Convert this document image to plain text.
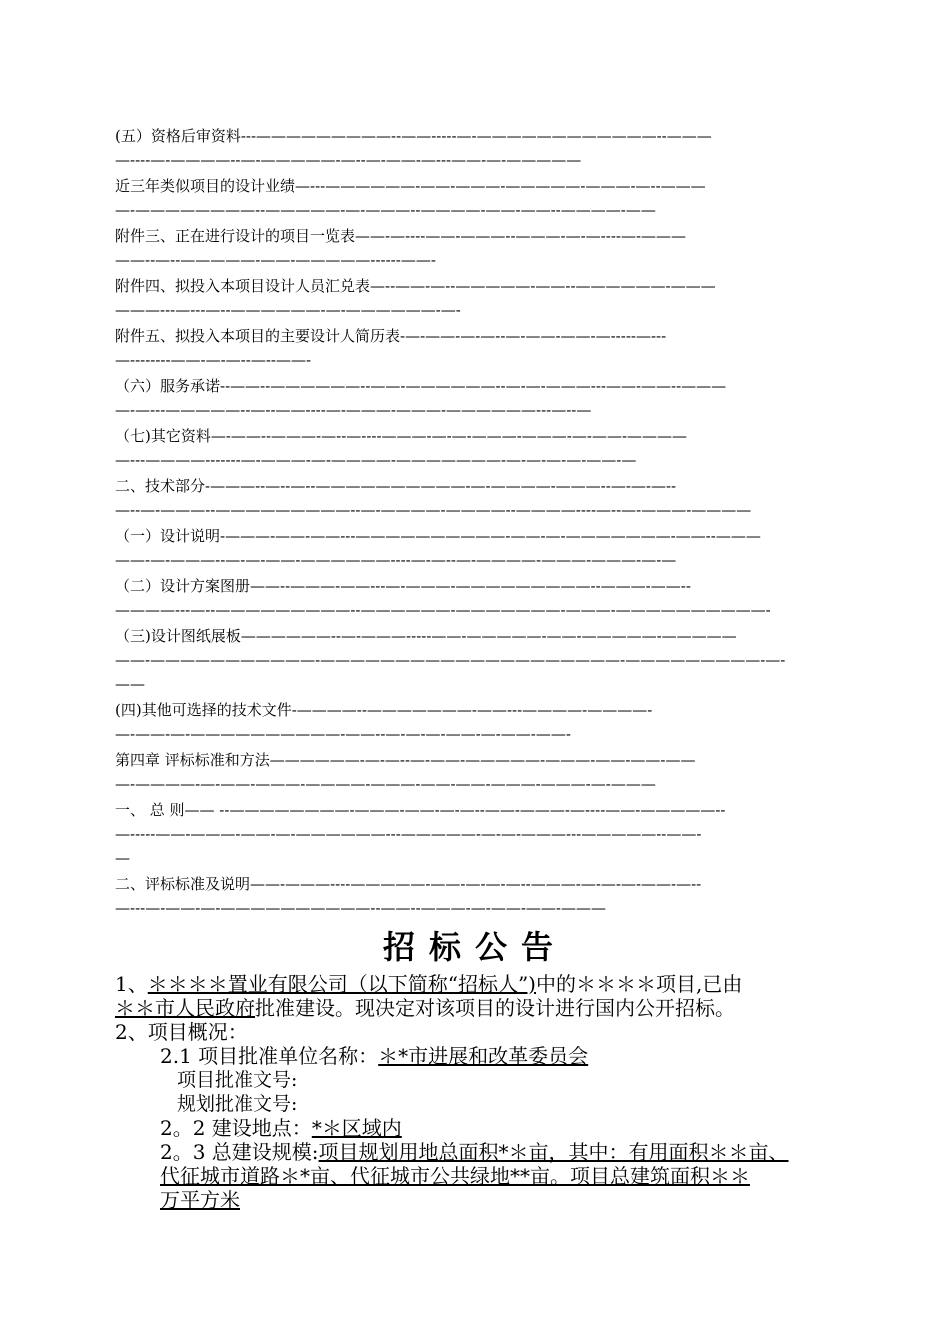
(五）资格后审资料---—————————--——-----—-————————————--———
—----—-————--—-—————-—--—-——-—---——-—-—————
近三年类似项目的设计业绩—---——————-——-———-—————-———-—--———
—-————————--—————-—-———--————-——-——--————-——
附件三、正在进行设计的项目一览表——-—----——-———--———-—-—----—-———
——--—--—————-——-—————------——-
附件四、拟投入本项目设计人员汇兑表—--——-—--—————-——--——————-———
———---—---—--——————-—-——————-—-
附件五、拟投入本项目的主要设计人简历表-—-——-—-—--—-——-——-—-----—---
—--------——-—-—--—--——-
（六）服务承诺--——--——————--——-——————--—-—-———---——-——--———
—-—---—————--—--——----—-———-———-——————---—--—
（七)其它资料—-——--———-—--—----———-—-—-———-———-—-——-————
—---————-------—-———-—-————-———————-—-—-—-—-——-—
二、技术部分-———--—--—--——————————-—-————-———--—-—-—--
—--—-———--—————————--—-————-————--————----—--—-———-————
（一）设计说明-———-——-——---——————————-——-—-———————-——--———
——-—-———--—-—-——-——————----—-—--—-————-———-———-—-—
（二）设计方案图册——--———-——---—-———-—————————--———-——--
————---—--—————————--——————-———————-———-——————————-
（三)设计图纸展板——————--—-———-----——-—————-——-—————-—————
——-———————————-————————————————————-—————————-—-
——
(四)其他可选择的技术文件-————--———————-——---————-————-
—-——-—-——————————-——--—-—-—-——-—-——-——-
第四章 评标标准和方法——————-—-—--—-——-—————-———-——-——-——
—-————-—-——-———-————-———-——-——-———-———-—-———
一、 总 则—— --————————-———-——-—-—--——-———-—----——-—————--
—-----——-———-——-—-——————---—————-—-—-———---—————--——-
—
二、评标标准及说明——-———----—————-——-—-—-—--———-—-—-—-——-—--
—---—-——-—-——————————--——--———-—-——-——-———
招标公告

1、＊＊＊＊置业有限公司（以下简称“招标人”)中的＊＊＊＊项目,已由
＊＊市人民政府批准建设。现决定对该项目的设计进行国内公开招标。

2、项目概况：

2.1 项目批准单位名称：＊*市进展和改革委员会

项目批准文号:

规划批准文号:

2。2 建设地点：*＊区域内

2。3 总建设规模:项目规划用地总面积*＊亩，其中：有用面积＊＊亩、
代征城市道路＊*亩、代征城市公共绿地**亩。项目总建筑面积＊＊
万平方米
